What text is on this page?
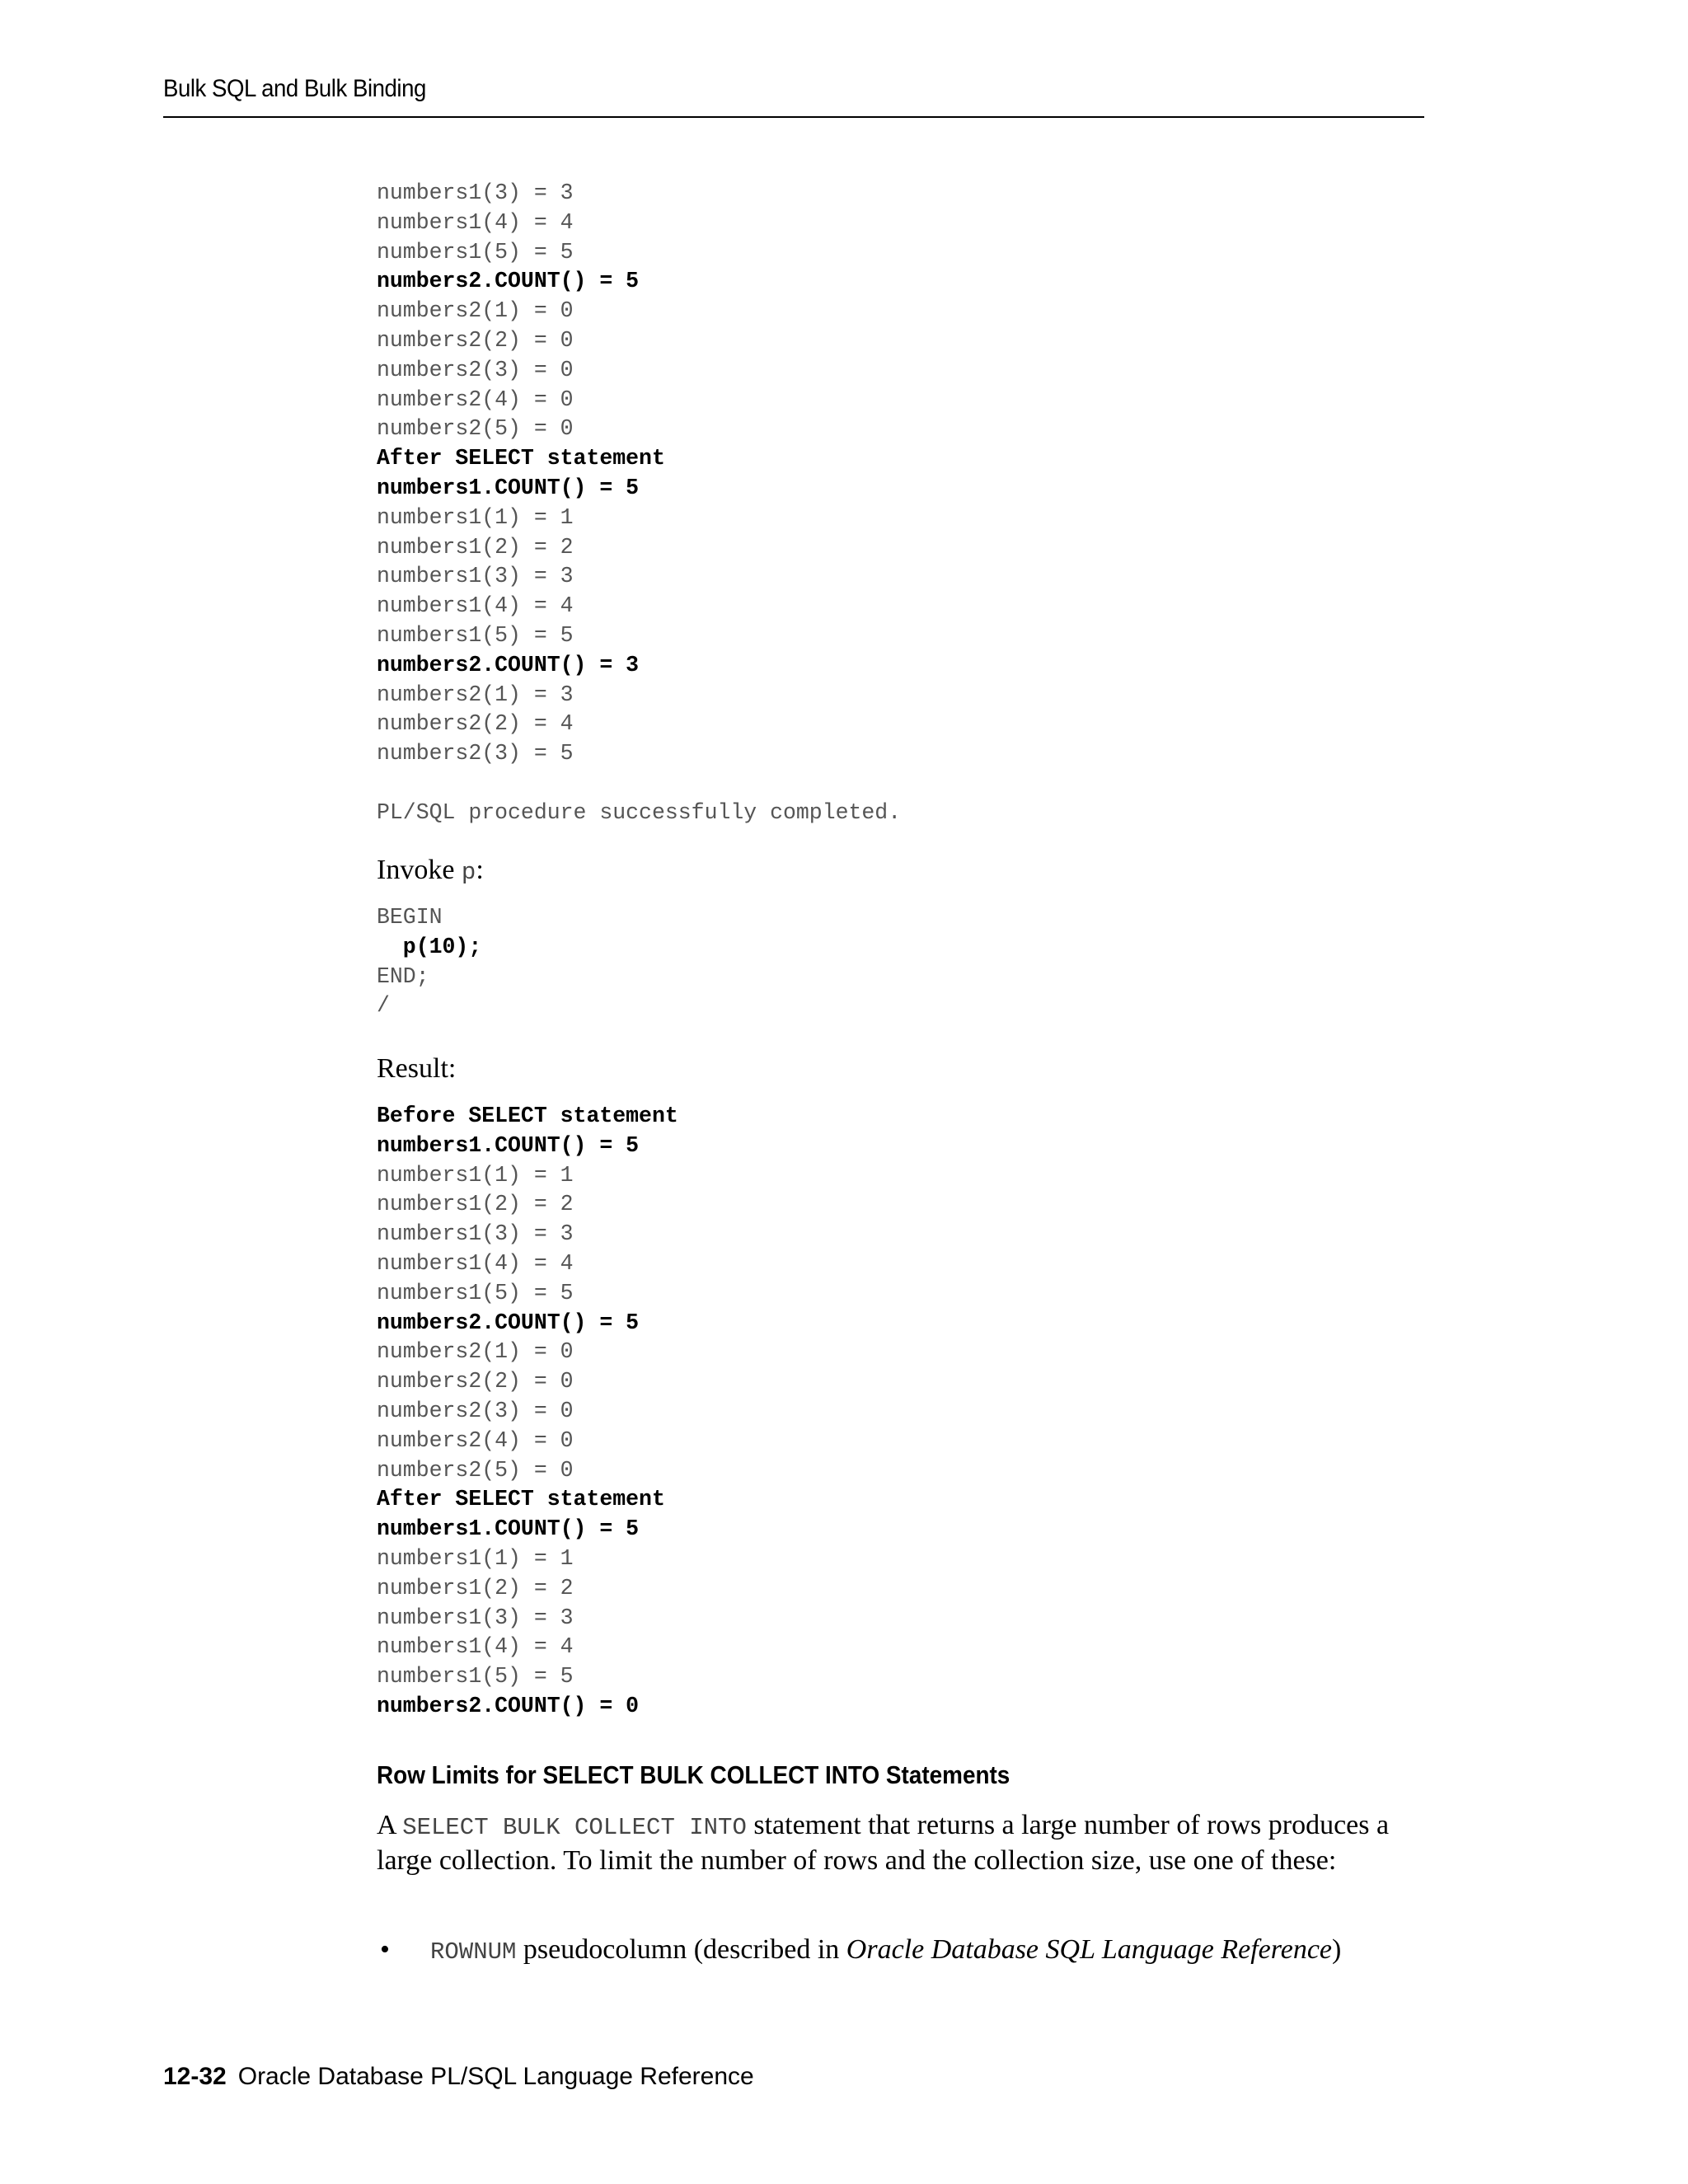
Bulk SQL and Bulk Binding
numbers1(3) = 3
numbers1(4) = 4
numbers1(5) = 5
numbers2.COUNT() = 5
numbers2(1) = 0
numbers2(2) = 0
numbers2(3) = 0
numbers2(4) = 0
numbers2(5) = 0
After SELECT statement
numbers1.COUNT() = 5
numbers1(1) = 1
numbers1(2) = 2
numbers1(3) = 3
numbers1(4) = 4
numbers1(5) = 5
numbers2.COUNT() = 3
numbers2(1) = 3
numbers2(2) = 4
numbers2(3) = 5

PL/SQL procedure successfully completed.
Invoke p:
BEGIN
p(10);
END;
/
Result:
Before SELECT statement
numbers1.COUNT() = 5
numbers1(1) = 1
numbers1(2) = 2
numbers1(3) = 3
numbers1(4) = 4
numbers1(5) = 5
numbers2.COUNT() = 5
numbers2(1) = 0
numbers2(2) = 0
numbers2(3) = 0
numbers2(4) = 0
numbers2(5) = 0
After SELECT statement
numbers1.COUNT() = 5
numbers1(1) = 1
numbers1(2) = 2
numbers1(3) = 3
numbers1(4) = 4
numbers1(5) = 5
numbers2.COUNT() = 0
Row Limits for SELECT BULK COLLECT INTO Statements
A SELECT BULK COLLECT INTO statement that returns a large number of rows produces a large collection. To limit the number of rows and the collection size, use one of these:
• ROWNUM pseudocolumn (described in Oracle Database SQL Language Reference)
12-32 Oracle Database PL/SQL Language Reference
